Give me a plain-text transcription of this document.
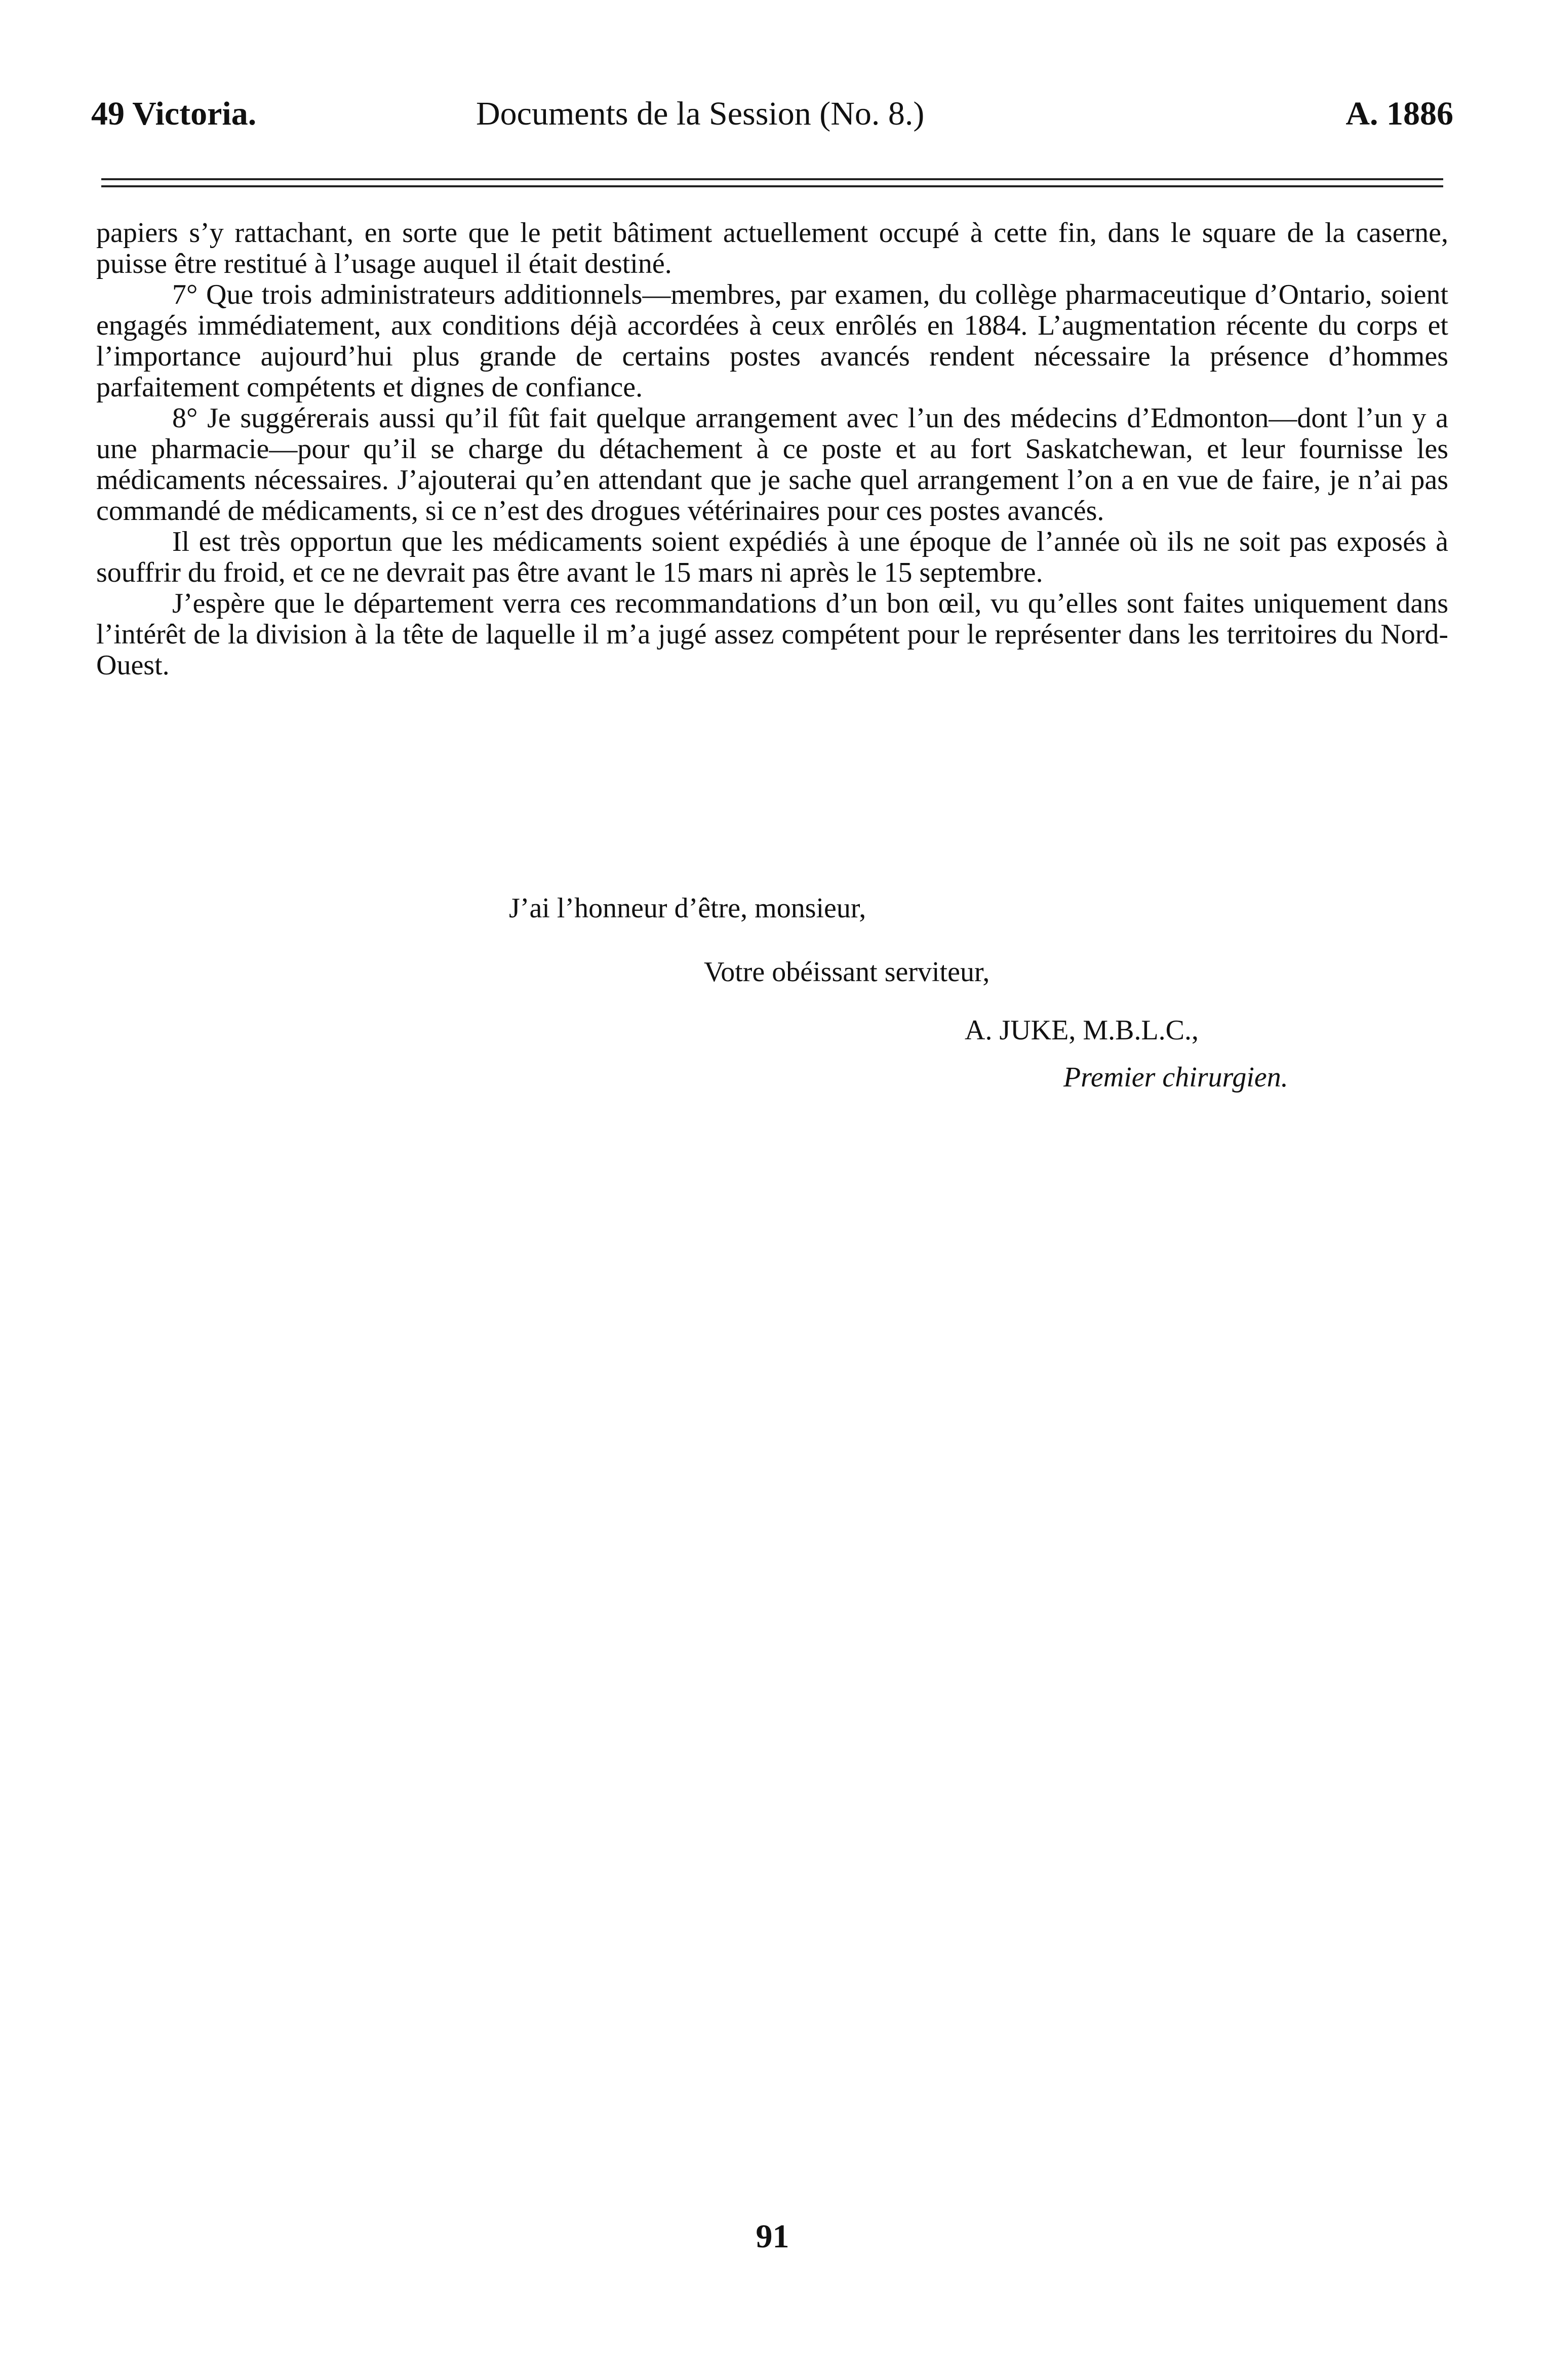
49 Victoria.	Documents de la Session (No. 8.)	A. 1886

papiers s’y rattachant, en sorte que le petit bâtiment actuellement occupé à cette fin, dans le square de la caserne, puisse être restitué à l’usage auquel il était destiné.

7° Que trois administrateurs additionnels—membres, par examen, du collège pharmaceutique d’Ontario, soient engagés immédiatement, aux conditions déjà accordées à ceux enrôlés en 1884. L’augmentation récente du corps et l’importance aujourd’hui plus grande de certains postes avancés rendent nécessaire la présence d’hommes parfaitement compétents et dignes de confiance.

8° Je suggérerais aussi qu’il fût fait quelque arrangement avec l’un des médecins d’Edmonton—dont l’un y a une pharmacie—pour qu’il se charge du détachement à ce poste et au fort Saskatchewan, et leur fournisse les médicaments nécessaires. J’ajouterai qu’en attendant que je sache quel arrangement l’on a en vue de faire, je n’ai pas commandé de médicaments, si ce n’est des drogues vétérinaires pour ces postes avancés.

Il est très opportun que les médicaments soient expédiés à une époque de l’année où ils ne soit pas exposés à souffrir du froid, et ce ne devrait pas être avant le 15 mars ni après le 15 septembre.

J’espère que le département verra ces recommandations d’un bon œil, vu qu’elles sont faites uniquement dans l’intérêt de la division à la tête de laquelle il m’a jugé assez compétent pour le représenter dans les territoires du Nord-Ouest.

J’ai l’honneur d’être, monsieur,
Votre obéissant serviteur,
A. JUKE, M.B.L.C.,
Premier chirurgien.
91
